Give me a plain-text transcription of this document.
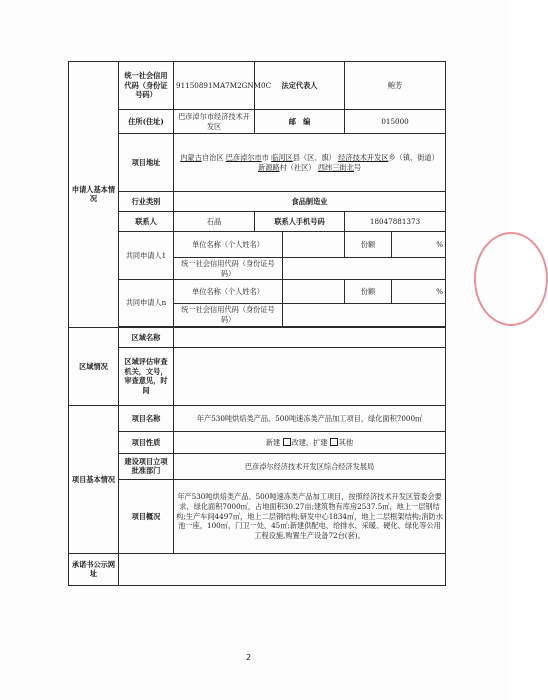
申请人基本情况	统一社会信用代码（身份证号码）	91150891MA7M2GNM0C	法定代表人		鲍芳	
	住所(住址)	巴彦淖尔市经济技术开发区	邮　编		015000	
	项目地址	内蒙古自治区 巴彦淖尔市市 临河区县（区、旗） 经济技术开发区乡（镇、街道） 新源路村（社区） 西纬三街北号				
	行业类别	食品制造业				
	联系人	石晶	联系人手机号码		18047881373	
	共同申请人1	单位名称（个人姓名）			份额	%
		统一社会信用代码（身份证号码）				
	共同申请人n	单位名称（个人姓名）			份额	%
		统一社会信用代码（身份证号码）				

区域情况	区域名称					
	区域评估审查机关，文号，审查意见，时间					
项目基本情况	项目名称	年产530吨烘焙类产品、500吨速冻类产品加工项目，绿化面积7000㎡				
	项目性质	新建 改建、扩建 其他				
	建设项目立项批准部门	巴彦淖尔经济技术开发区综合经济发展局				
	项目概况	年产530吨烘焙类产品、500吨速冻类产品加工项目，按照经济技术开发区管委会要求，绿化面积7000㎡，占地面积30.27亩;建筑物有库房2537.5㎡，地上一层钢结构;生产车间4497㎡，地上二层钢结构;研发中心1834㎡，地上二层框架结构;消防水池一座，100㎡，门卫一处，45㎡;新建供配电、给排水、采暖、硬化、绿化等公用工程设施,购置生产设备72台(套)。				
承诺书公示网址						
2
